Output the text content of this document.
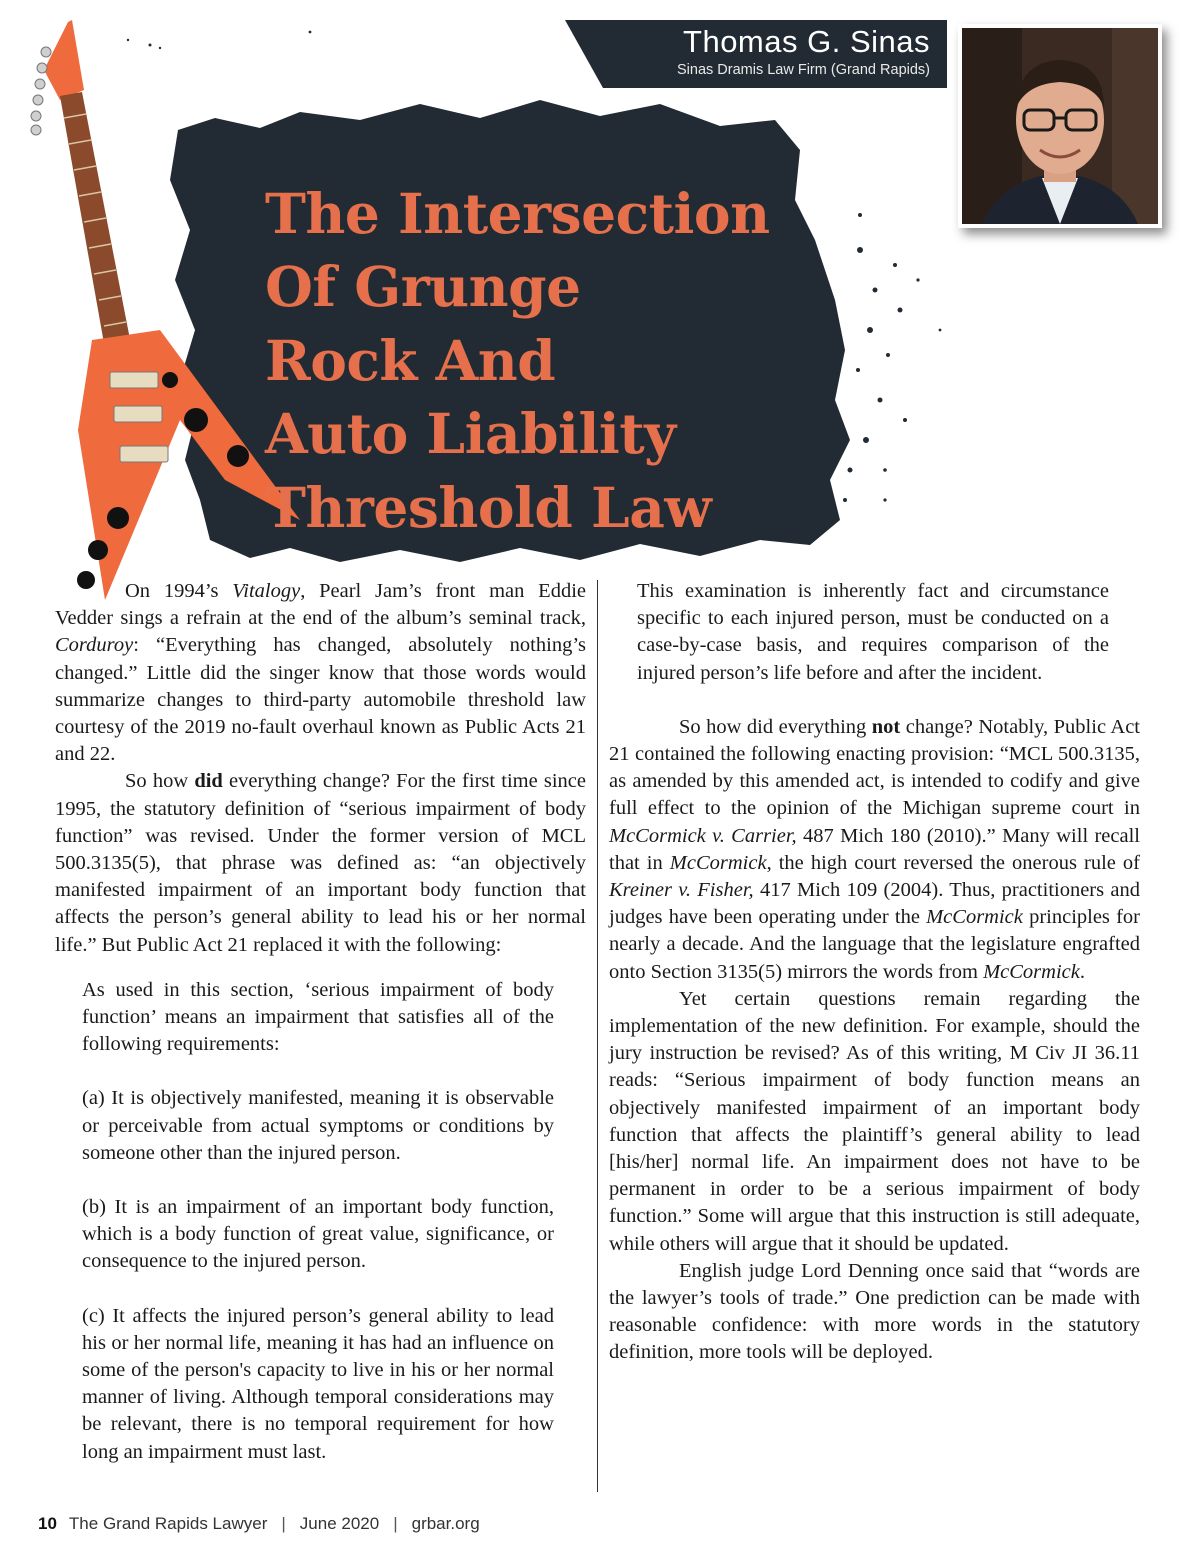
The Intersection
Of Grunge
Rock And
Auto Liability
Threshold Law
Thomas G. Sinas
Sinas Dramis Law Firm (Grand Rapids)

On 1994’s Vitalogy, Pearl Jam’s front man Eddie Vedder sings a refrain at the end of the album’s seminal track, Corduroy: “Everything has changed, absolutely nothing’s changed.” Little did the singer know that those words would summarize changes to third-party automobile threshold law courtesy of the 2019 no-fault overhaul known as Public Acts 21 and 22.

So how did everything change? For the first time since 1995, the statutory definition of “serious impairment of body function” was revised. Under the former version of MCL 500.3135(5), that phrase was defined as: “an objectively manifested impairment of an important body function that affects the person’s general ability to lead his or her normal life.” But Public Act 21 replaced it with the following:

As used in this section, ‘serious impairment of body function’ means an impairment that satisfies all of the following requirements:

(a) It is objectively manifested, meaning it is observable or perceivable from actual symptoms or conditions by someone other than the injured person.

(b) It is an impairment of an important body function, which is a body function of great value, significance, or consequence to the injured person.

(c) It affects the injured person’s general ability to lead his or her normal life, meaning it has had an influence on some of the person's capacity to live in his or her normal manner of living. Although temporal considerations may be relevant, there is no temporal requirement for how long an impairment must last.

This examination is inherently fact and circumstance specific to each injured person, must be conducted on a case-by-case basis, and requires comparison of the injured person’s life before and after the incident.

So how did everything not change? Notably, Public Act 21 contained the following enacting provision: “MCL 500.3135, as amended by this amended act, is intended to codify and give full effect to the opinion of the Michigan supreme court in McCormick v. Carrier, 487 Mich 180 (2010).” Many will recall that in McCormick, the high court reversed the onerous rule of Kreiner v. Fisher, 417 Mich 109 (2004). Thus, practitioners and judges have been operating under the McCormick principles for nearly a decade. And the language that the legislature engrafted onto Section 3135(5) mirrors the words from McCormick.

Yet certain questions remain regarding the implementation of the new definition. For example, should the jury instruction be revised? As of this writing, M Civ JI 36.11 reads: “Serious impairment of body function means an objectively manifested impairment of an important body function that affects the plaintiff’s general ability to lead [his/her] normal life. An impairment does not have to be permanent in order to be a serious impairment of body function.” Some will argue that this instruction is still adequate, while others will argue that it should be updated.

English judge Lord Denning once said that “words are the lawyer’s tools of trade.” One prediction can be made with reasonable confidence: with more words in the statutory definition, more tools will be deployed.

10 The Grand Rapids Lawyer | June 2020 | grbar.org
